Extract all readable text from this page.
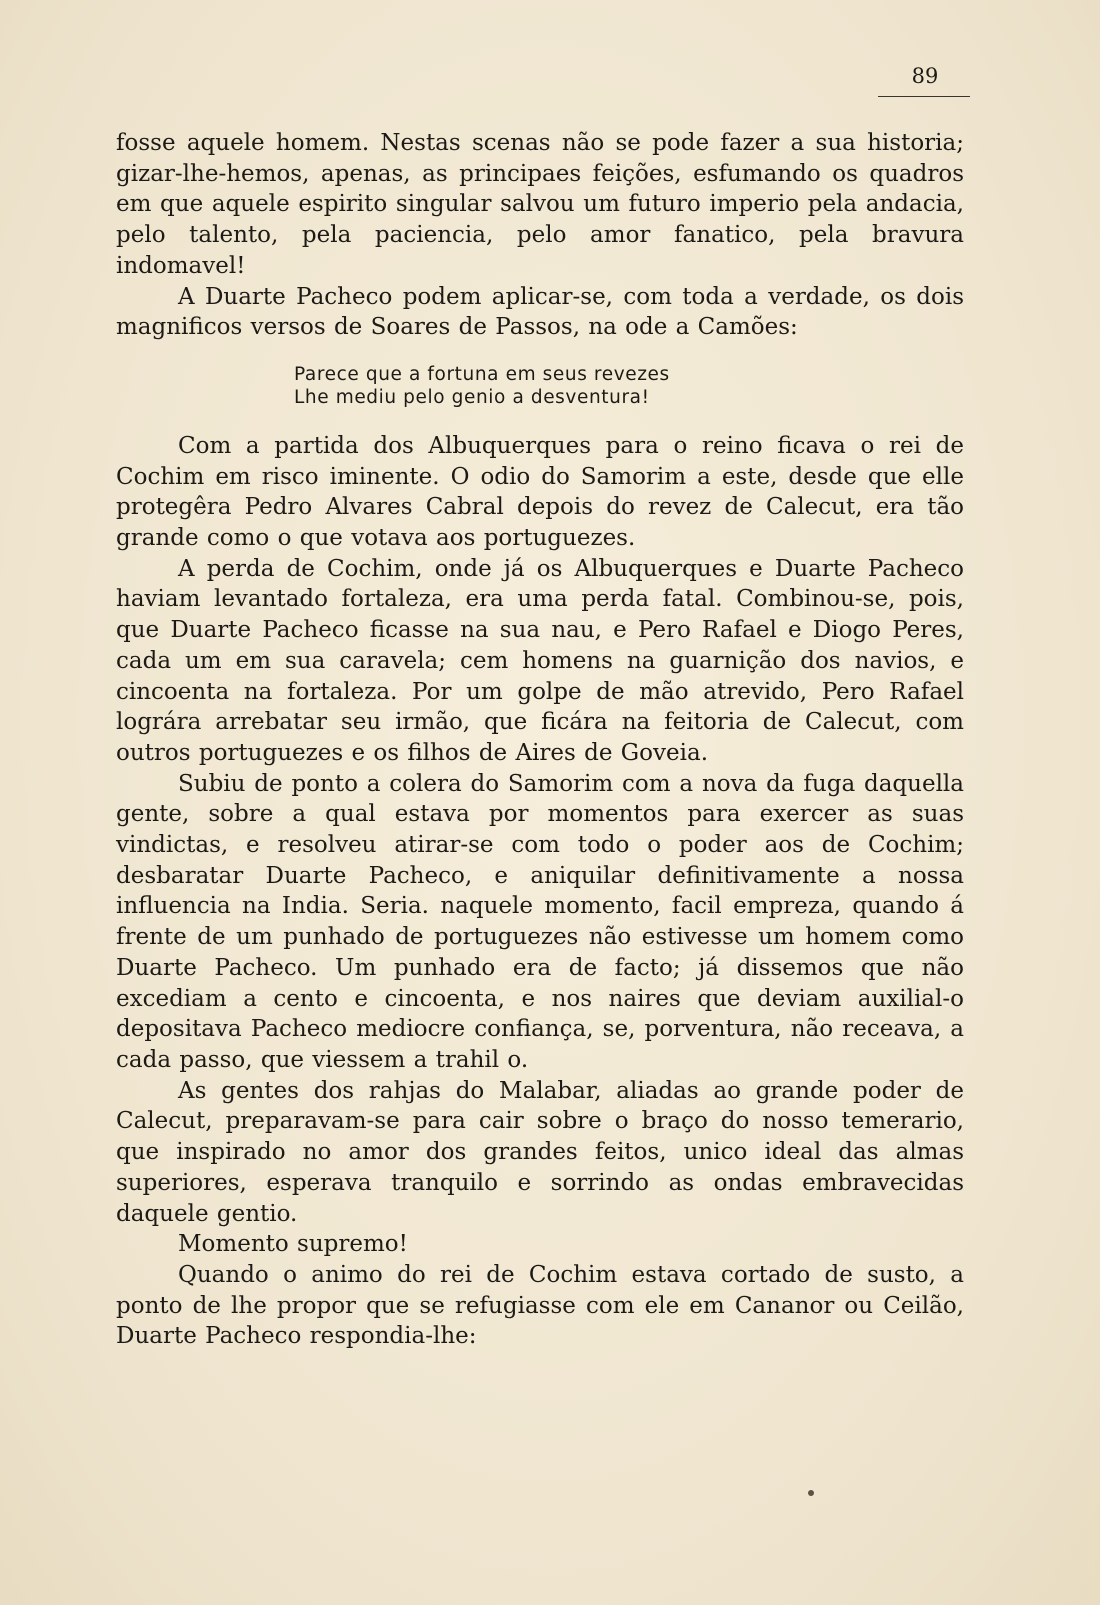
89

fosse aquele homem. Nestas scenas não se pode fazer a sua historia; gizar-lhe-hemos, apenas, as principaes feições, esfumando os quadros em que aquele espirito singular salvou um futuro imperio pela andacia, pelo talento, pela paciencia, pelo amor fanatico, pela bravura indomavel!

A Duarte Pacheco podem aplicar-se, com toda a verdade, os dois magnificos versos de Soares de Passos, na ode a Camões:

Parece que a fortuna em seus revezes
Lhe mediu pelo genio a desventura!

Com a partida dos Albuquerques para o reino ficava o rei de Cochim em risco iminente. O odio do Samorim a este, desde que elle protegêra Pedro Alvares Cabral depois do revez de Calecut, era tão grande como o que votava aos portuguezes.

A perda de Cochim, onde já os Albuquerques e Duarte Pacheco haviam levantado fortaleza, era uma perda fatal. Combinou-se, pois, que Duarte Pacheco ficasse na sua nau, e Pero Rafael e Diogo Peres, cada um em sua caravela; cem homens na guarnição dos navios, e cincoenta na fortaleza. Por um golpe de mão atrevido, Pero Rafael lográra arrebatar seu irmão, que ficára na feitoria de Calecut, com outros portuguezes e os filhos de Aires de Goveia.

Subiu de ponto a colera do Samorim com a nova da fuga daquella gente, sobre a qual estava por momentos para exercer as suas vindictas, e resolveu atirar-se com todo o poder aos de Cochim; desbaratar Duarte Pacheco, e aniquilar definitivamente a nossa influencia na India. Seria. naquele momento, facil empreza, quando á frente de um punhado de portuguezes não estivesse um homem como Duarte Pacheco. Um punhado era de facto; já dissemos que não excediam a cento e cincoenta, e nos naires que deviam auxilial-o depositava Pacheco mediocre confiança, se, porventura, não receava, a cada passo, que viessem a trahil o.

As gentes dos rahjas do Malabar, aliadas ao grande poder de Calecut, preparavam-se para cair sobre o braço do nosso temerario, que inspirado no amor dos grandes feitos, unico ideal das almas superiores, esperava tranquilo e sorrindo as ondas embravecidas daquele gentio.

Momento supremo!

Quando o animo do rei de Cochim estava cortado de susto, a ponto de lhe propor que se refugiasse com ele em Cananor ou Ceilão, Duarte Pacheco respondia-lhe:
